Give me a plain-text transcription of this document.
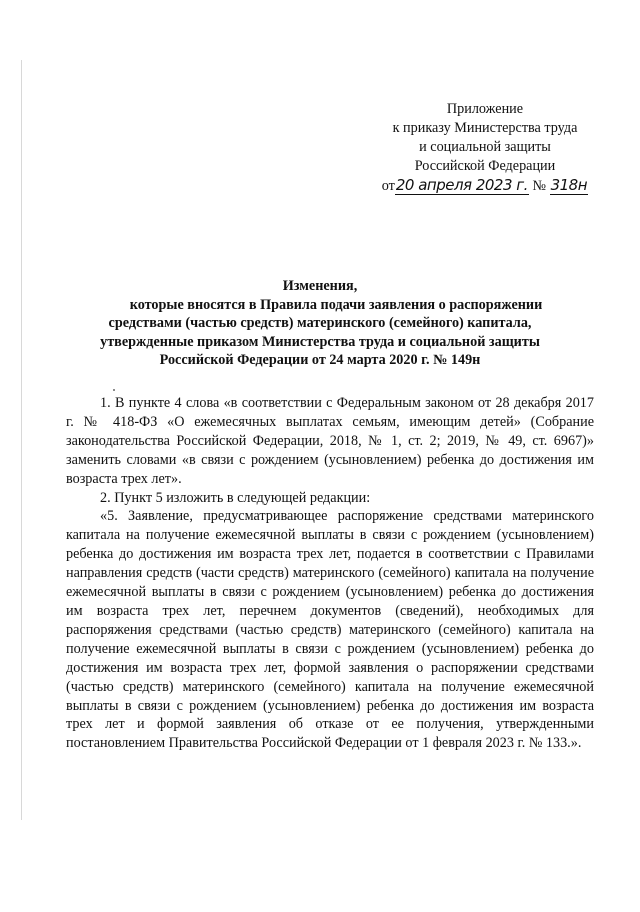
Приложение
к приказу Министерства труда
и социальной защиты
Российской Федерации
от20 апреля 2023 г. № 318н
Изменения,
которые вносятся в Правила подачи заявления о распоряжении
средствами (частью средств) материнского (семейного) капитала,
утвержденные приказом Министерства труда и социальной защиты
Российской Федерации от 24 марта 2020 г. № 149н

1. В пункте 4 слова «в соответствии с Федеральным законом от 28 декабря 2017 г. № 418-ФЗ «О ежемесячных выплатах семьям, имеющим детей» (Собрание законодательства Российской Федерации, 2018, № 1, ст. 2; 2019, № 49, ст. 6967)» заменить словами «в связи с рождением (усыновлением) ребенка до достижения им возраста трех лет».

2. Пункт 5 изложить в следующей редакции:

«5. Заявление, предусматривающее распоряжение средствами материнского капитала на получение ежемесячной выплаты в связи с рождением (усыновлением) ребенка до достижения им возраста трех лет, подается в соответствии с Правилами направления средств (части средств) материнского (семейного) капитала на получение ежемесячной выплаты в связи с рождением (усыновлением) ребенка до достижения им возраста трех лет, перечнем документов (сведений), необходимых для распоряжения средствами (частью средств) материнского (семейного) капитала на получение ежемесячной выплаты в связи с рождением (усыновлением) ребенка до достижения им возраста трех лет, формой заявления о распоряжении средствами (частью средств) материнского (семейного) капитала на получение ежемесячной выплаты в связи с рождением (усыновлением) ребенка до достижения им возраста трех лет и формой заявления об отказе от ее получения, утвержденными постановлением Правительства Российской Федерации от 1 февраля 2023 г. № 133.».
